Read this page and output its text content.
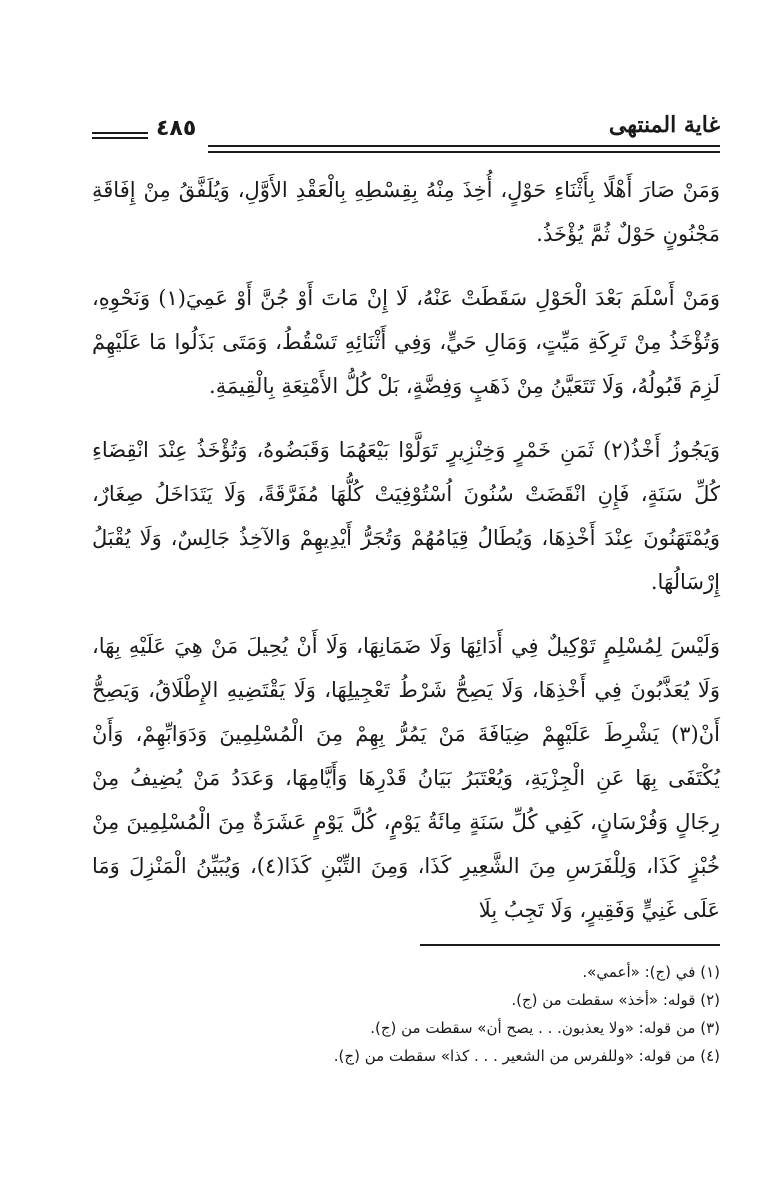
غاية المنتهى
٤٨٥

وَمَنْ صَارَ أَهْلًا بِأَثْنَاءِ حَوْلٍ، أُخِذَ مِنْهُ بِقِسْطِهِ بِالْعَقْدِ الأَوَّلِ، وَيُلَفَّقُ مِنْ إِفَاقَةِ مَجْنُونٍ حَوْلٌ ثُمَّ يُؤْخَذُ.

وَمَنْ أَسْلَمَ بَعْدَ الْحَوْلِ سَقَطَتْ عَنْهُ، لَا إِنْ مَاتَ أَوْ جُنَّ أَوْ عَمِيَ(١) وَنَحْوِهِ، وَتُؤْخَذُ مِنْ تَرِكَةِ مَيِّتٍ، وَمَالِ حَيٍّ، وَفِي أَثْنَائِهِ تَسْقُطُ، وَمَتَى بَذَلُوا مَا عَلَيْهِمْ لَزِمَ قَبُولُهُ، وَلَا تَتَعَيَّنُ مِنْ ذَهَبٍ وَفِضَّةٍ، بَلْ كُلُّ الأَمْتِعَةِ بِالْقِيمَةِ.

وَيَجُوزُ أَخْذُ(٢) ثَمَنِ خَمْرٍ وَخِنْزِيرٍ تَوَلَّوْا بَيْعَهُمَا وَقَبَضُوهُ، وَتُؤْخَذُ عِنْدَ انْقِضَاءِ كُلِّ سَنَةٍ، فَإِنِ انْقَضَتْ سُنُونَ اُسْتُوْفِيَتْ كُلُّهَا مُفَرَّقَةً، وَلَا يَتَدَاخَلُ صِغَارٌ، وَيُمْتَهَنُونَ عِنْدَ أَخْذِهَا، وَيُطَالُ قِيَامُهُمْ وَتُجَرُّ أَيْدِيهِمْ وَالآخِذُ جَالِسٌ، وَلَا يُقْبَلُ إِرْسَالُهَا.

وَلَيْسَ لِمُسْلِمٍ تَوْكِيلٌ فِي أَدَائِهَا وَلَا ضَمَانِهَا، وَلَا أَنْ يُحِيلَ مَنْ هِيَ عَلَيْهِ بِهَا، وَلَا يُعَذَّبُونَ فِي أَخْذِهَا، وَلَا يَصِحُّ شَرْطُ تَعْجِيلِهَا، وَلَا يَقْتَضِيهِ الإِطْلَاقُ، وَيَصِحُّ أَنْ(٣) يَشْرِطَ عَلَيْهِمْ ضِيَافَةَ مَنْ يَمُرُّ بِهِمْ مِنَ الْمُسْلِمِينَ وَدَوَابِّهِمْ، وَأَنْ يُكْتَفَى بِهَا عَنِ الْجِزْيَةِ، وَيُعْتَبَرُ بَيَانُ قَدْرِهَا وَأَيَّامِهَا، وَعَدَدُ مَنْ يُضِيفُ مِنْ رِجَالٍ وَفُرْسَانٍ، كَفِي كُلِّ سَنَةٍ مِائَةُ يَوْمٍ، كُلَّ يَوْمٍ عَشَرَةٌ مِنَ الْمُسْلِمِينَ مِنْ خُبْزٍ كَذَا، وَلِلْفَرَسِ مِنَ الشَّعِيرِ كَذَا، وَمِنَ التِّبْنِ كَذَا(٤)، وَيُبَيِّنُ الْمَنْزِلَ وَمَا عَلَى غَنِيٍّ وَفَقِيرٍ، وَلَا تَجِبُ بِلَا

(١) في (ج): «أعمي».
(٢) قوله: «أخذ» سقطت من (ج).
(٣) من قوله: «ولا يعذبون. . . يصح أن» سقطت من (ج).
(٤) من قوله: «وللفرس من الشعير . . . كذا» سقطت من (ج).
